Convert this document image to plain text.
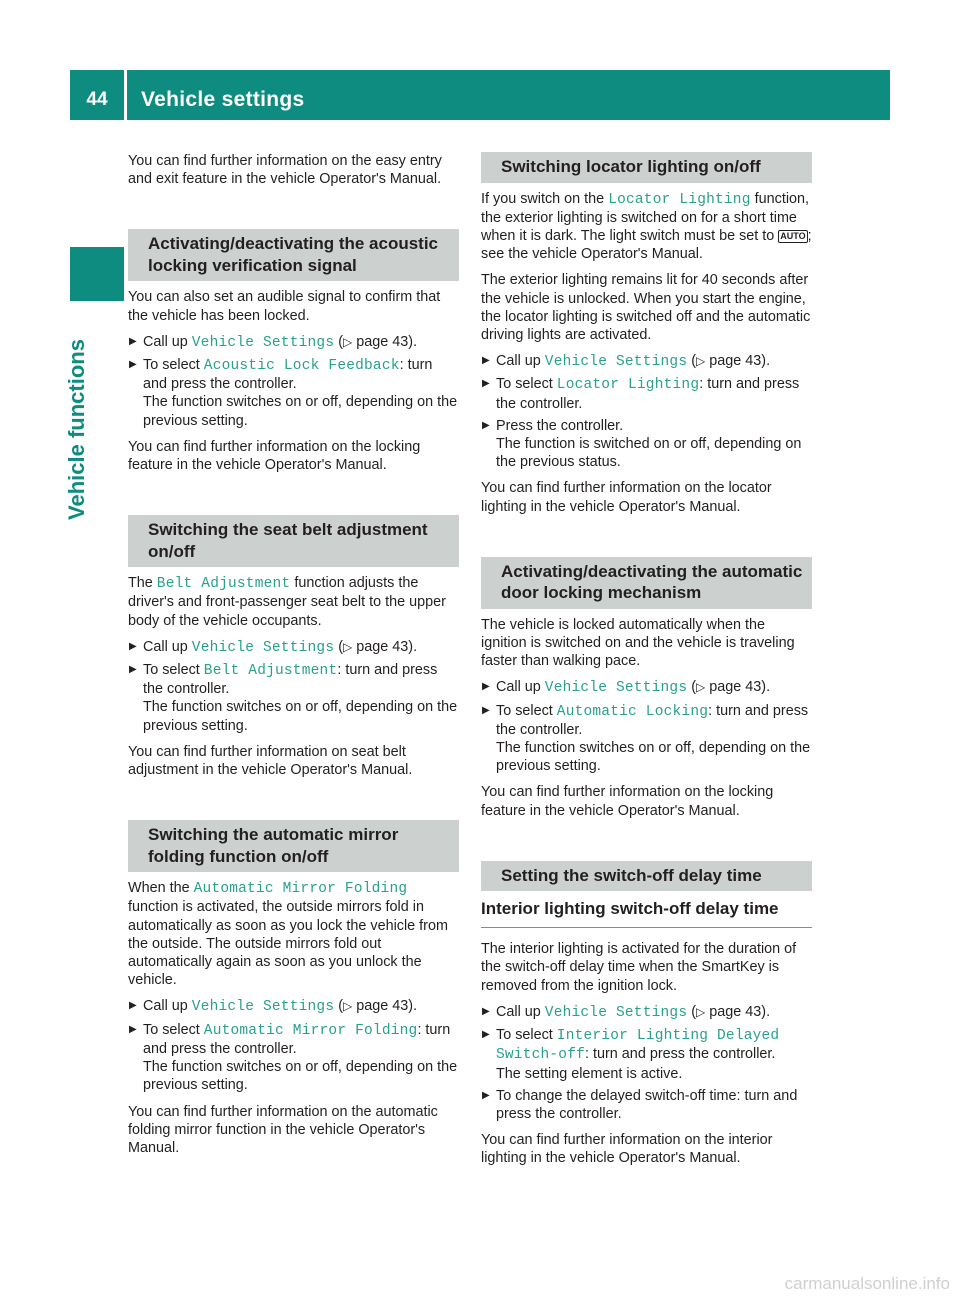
44	Vehicle settings
Vehicle functions

You can find further information on the easy entry and exit feature in the vehicle Operator's Manual.

Activating/deactivating the acoustic locking verification signal

You can also set an audible signal to confirm that the vehicle has been locked.

▶ Call up Vehicle Settings (▷ page 43).
▶ To select Acoustic Lock Feedback: turn and press the controller.
The function switches on or off, depending on the previous setting.

You can find further information on the locking feature in the vehicle Operator's Manual.

Switching the seat belt adjustment on/off

The Belt Adjustment function adjusts the driver's and front-passenger seat belt to the upper body of the vehicle occupants.

▶ Call up Vehicle Settings (▷ page 43).
▶ To select Belt Adjustment: turn and press the controller.
The function switches on or off, depending on the previous setting.

You can find further information on seat belt adjustment in the vehicle Operator's Manual.

Switching the automatic mirror folding function on/off

When the Automatic Mirror Folding function is activated, the outside mirrors fold in automatically as soon as you lock the vehicle from the outside. The outside mirrors fold out automatically again as soon as you unlock the vehicle.

▶ Call up Vehicle Settings (▷ page 43).
▶ To select Automatic Mirror Folding: turn and press the controller.
The function switches on or off, depending on the previous setting.

You can find further information on the automatic folding mirror function in the vehicle Operator's Manual.

Switching locator lighting on/off

If you switch on the Locator Lighting function, the exterior lighting is switched on for a short time when it is dark. The light switch must be set to AUTO ; see the vehicle Operator's Manual.

The exterior lighting remains lit for 40 seconds after the vehicle is unlocked. When you start the engine, the locator lighting is switched off and the automatic driving lights are activated.

▶ Call up Vehicle Settings (▷ page 43).
▶ To select Locator Lighting: turn and press the controller.
▶ Press the controller.
The function is switched on or off, depending on the previous status.

You can find further information on the locator lighting in the vehicle Operator's Manual.

Activating/deactivating the automatic door locking mechanism

The vehicle is locked automatically when the ignition is switched on and the vehicle is traveling faster than walking pace.

▶ Call up Vehicle Settings (▷ page 43).
▶ To select Automatic Locking: turn and press the controller.
The function switches on or off, depending on the previous setting.

You can find further information on the locking feature in the vehicle Operator's Manual.

Setting the switch-off delay time
Interior lighting switch-off delay time

The interior lighting is activated for the duration of the switch-off delay time when the SmartKey is removed from the ignition lock.

▶ Call up Vehicle Settings (▷ page 43).
▶ To select Interior Lighting Delayed Switch-off: turn and press the controller.
The setting element is active.
▶ To change the delayed switch-off time: turn and press the controller.

You can find further information on the interior lighting in the vehicle Operator's Manual.

carmanualsonline.info
